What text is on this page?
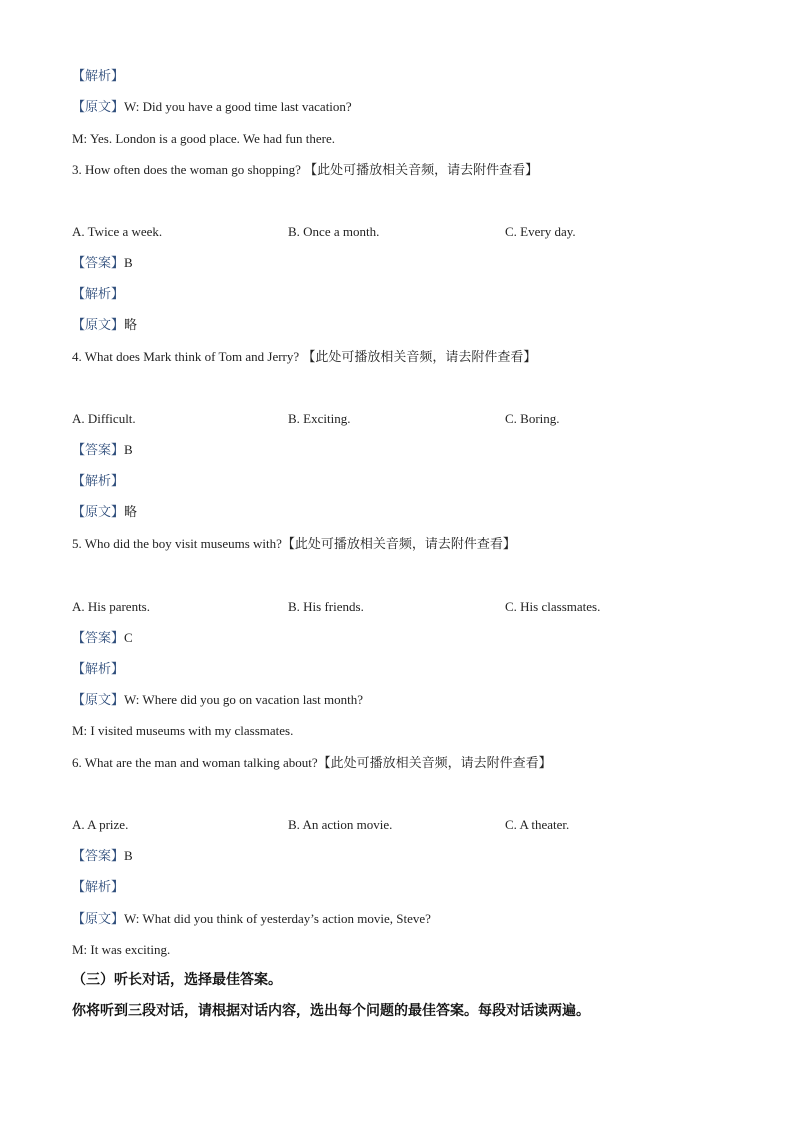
【解析】
【原文】W: Did you have a good time last vacation?
M: Yes. London is a good place. We had fun there.
3. How often does the woman go shopping? 【此处可播放相关音频，请去附件查看】
A. Twice a week.	B. Once a month.	C. Every day.
【答案】B
【解析】
【原文】略
4. What does Mark think of Tom and Jerry? 【此处可播放相关音频，请去附件查看】
A. Difficult.	B. Exciting.	C. Boring.
【答案】B
【解析】
【原文】略
5. Who did the boy visit museums with?【此处可播放相关音频，请去附件查看】
A. His parents.	B. His friends.	C. His classmates.
【答案】C
【解析】
【原文】W: Where did you go on vacation last month?
M: I visited museums with my classmates.
6. What are the man and woman talking about?【此处可播放相关音频，请去附件查看】
A. A prize.	B. An action movie.	C. A theater.
【答案】B
【解析】
【原文】W: What did you think of yesterday’s action movie, Steve?
M: It was exciting.
（三）听长对话，选择最佳答案。
你将听到三段对话，请根据对话内容，选出每个问题的最佳答案。每段对话读两遍。
